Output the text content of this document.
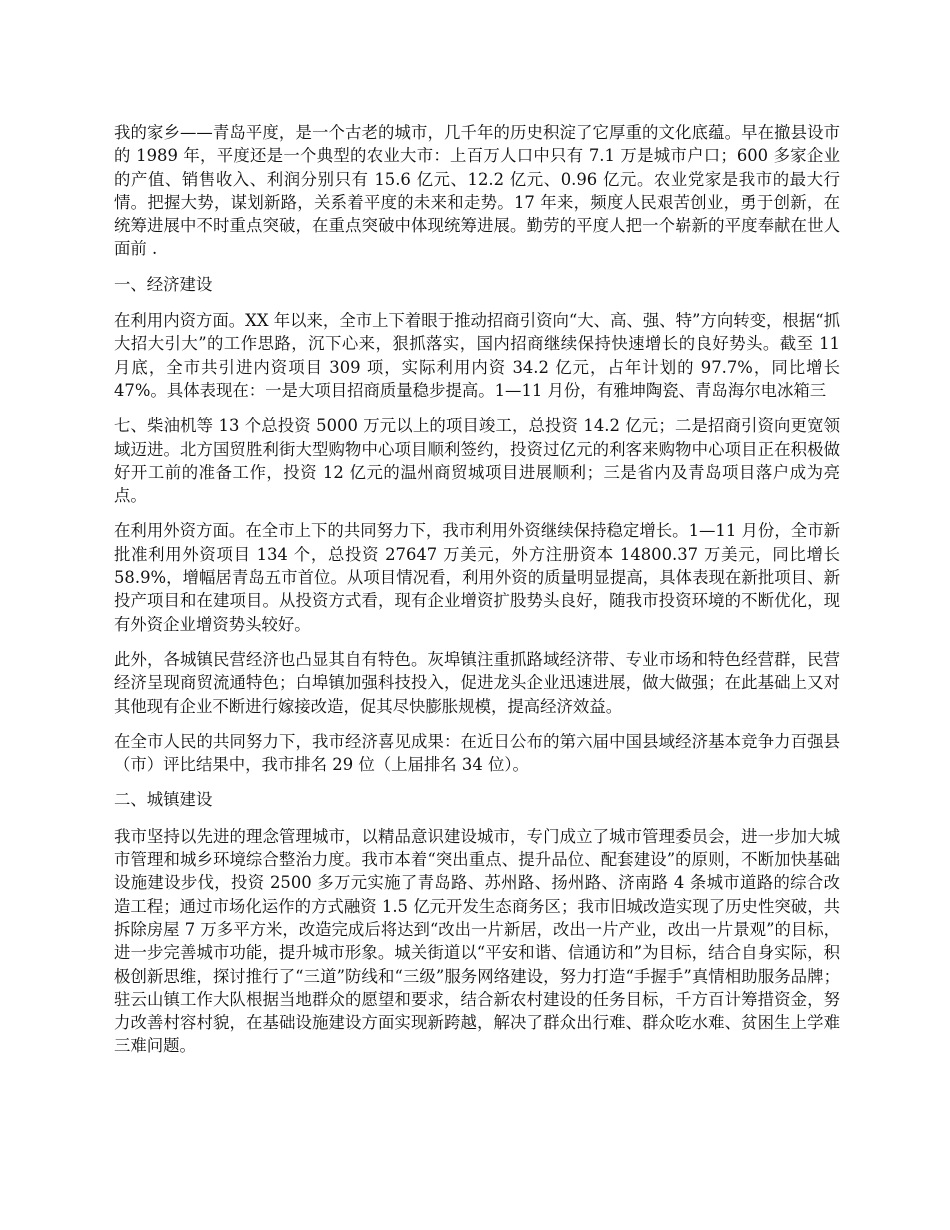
我的家乡——青岛平度，是一个古老的城市，几千年的历史积淀了它厚重的文化底蕴。早在撤县设市的 1989 年，平度还是一个典型的农业大市：上百万人口中只有 7.1 万是城市户口；600 多家企业的产值、销售收入、利润分别只有 15.6 亿元、12.2 亿元、0.96 亿元。农业党家是我市的最大行情。把握大势，谋划新路，关系着平度的未来和走势。17 年来，频度人民艰苦创业，勇于创新，在统筹进展中不时重点突破，在重点突破中体现统筹进展。勤劳的平度人把一个崭新的平度奉献在世人面前 .

一、经济建设

在利用内资方面。XX 年以来，全市上下着眼于推动招商引资向“大、高、强、特”方向转变，根据“抓大招大引大”的工作思路，沉下心来，狠抓落实，国内招商继续保持快速增长的良好势头。截至 11 月底，全市共引进内资项目 309 项，实际利用内资 34.2 亿元，占年计划的 97.7%，同比增长 47%。具体表现在：一是大项目招商质量稳步提高。1—11 月份，有雅坤陶瓷、青岛海尔电冰箱三

七、柴油机等 13 个总投资 5000 万元以上的项目竣工，总投资 14.2 亿元；二是招商引资向更宽领域迈进。北方国贸胜利街大型购物中心项目顺利签约，投资过亿元的利客来购物中心项目正在积极做好开工前的准备工作，投资 12 亿元的温州商贸城项目进展顺利；三是省内及青岛项目落户成为亮点。

在利用外资方面。在全市上下的共同努力下，我市利用外资继续保持稳定增长。1—11 月份，全市新批准利用外资项目 134 个，总投资 27647 万美元，外方注册资本 14800.37 万美元，同比增长 58.9%，增幅居青岛五市首位。从项目情况看，利用外资的质量明显提高，具体表现在新批项目、新投产项目和在建项目。从投资方式看，现有企业增资扩股势头良好，随我市投资环境的不断优化，现有外资企业增资势头较好。

此外，各城镇民营经济也凸显其自有特色。灰埠镇注重抓路域经济带、专业市场和特色经营群，民营经济呈现商贸流通特色；白埠镇加强科技投入，促进龙头企业迅速进展，做大做强；在此基础上又对其他现有企业不断进行嫁接改造，促其尽快膨胀规模，提高经济效益。

在全市人民的共同努力下，我市经济喜见成果：在近日公布的第六届中国县域经济基本竞争力百强县（市）评比结果中，我市排名 29 位（上届排名 34 位）。

二、城镇建设

我市坚持以先进的理念管理城市，以精品意识建设城市，专门成立了城市管理委员会，进一步加大城市管理和城乡环境综合整治力度。我市本着“突出重点、提升品位、配套建设”的原则，不断加快基础设施建设步伐，投资 2500 多万元实施了青岛路、苏州路、扬州路、济南路 4 条城市道路的综合改造工程；通过市场化运作的方式融资 1.5 亿元开发生态商务区；我市旧城改造实现了历史性突破，共拆除房屋 7 万多平方米，改造完成后将达到“改出一片新居，改出一片产业，改出一片景观”的目标，进一步完善城市功能，提升城市形象。城关街道以“平安和谐、信通访和”为目标，结合自身实际，积极创新思维，探讨推行了“三道”防线和“三级”服务网络建设，努力打造“手握手”真情相助服务品牌；驻云山镇工作大队根据当地群众的愿望和要求，结合新农村建设的任务目标，千方百计筹措资金，努力改善村容村貌，在基础设施建设方面实现新跨越，解决了群众出行难、群众吃水难、贫困生上学难三难问题。
